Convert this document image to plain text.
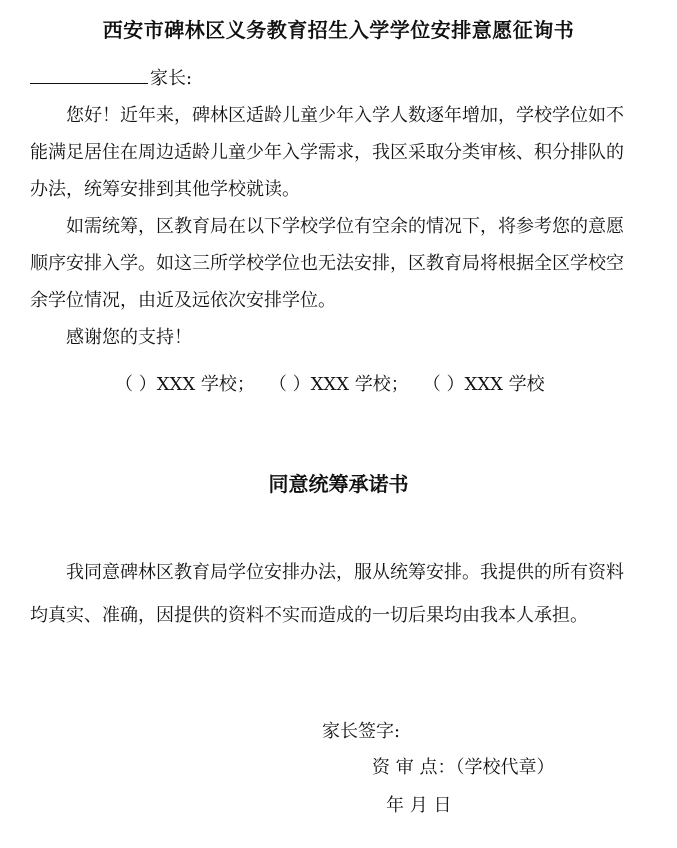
西安市碑林区义务教育招生入学学位安排意愿征询书
家长:

您好！近年来，碑林区适龄儿童少年入学人数逐年增加，学校学位如不能满足居住在周边适龄儿童少年入学需求，我区采取分类审核、积分排队的办法，统筹安排到其他学校就读。

如需统筹，区教育局在以下学校学位有空余的情况下，将参考您的意愿顺序安排入学。如这三所学校学位也无法安排，区教育局将根据全区学校空余学位情况，由近及远依次安排学位。

感谢您的支持！

（ ）XXX 学校； （ ）XXX 学校； （ ）XXX 学校
同意统筹承诺书

我同意碑林区教育局学位安排办法，服从统筹安排。我提供的所有资料均真实、准确，因提供的资料不实而造成的一切后果均由我本人承担。

家长签字:
资 审 点：（学校代章）
年 月 日
